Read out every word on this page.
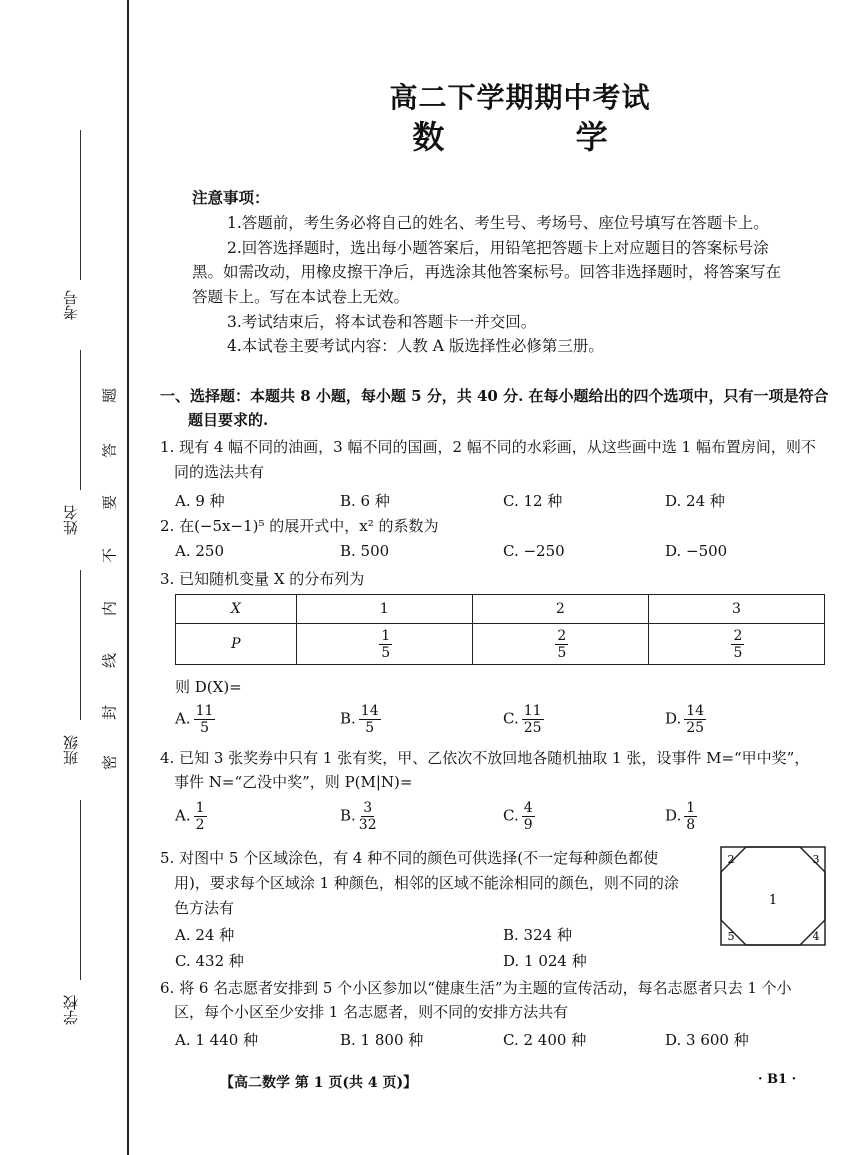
考号
姓名
班级
学校
题
答
要
不
内
线
封
密
高二下学期期中考试
数 学
注意事项：
1.答题前，考生务必将自己的姓名、考生号、考场号、座位号填写在答题卡上。
2.回答选择题时，选出每小题答案后，用铅笔把答题卡上对应题目的答案标号涂
黑。如需改动，用橡皮擦干净后，再选涂其他答案标号。回答非选择题时，将答案写在
答题卡上。写在本试卷上无效。
3.考试结束后，将本试卷和答题卡一并交回。
4.本试卷主要考试内容：人教 A 版选择性必修第三册。
一、选择题：本题共 8 小题，每小题 5 分，共 40 分. 在每小题给出的四个选项中，只有一项是符合
题目要求的.
1. 现有 4 幅不同的油画，3 幅不同的国画，2 幅不同的水彩画，从这些画中选 1 幅布置房间，则不
同的选法共有
A. 9 种	B. 6 种	C. 12 种	D. 24 种
2. 在(−5x−1)⁵ 的展开式中，x² 的系数为
A. 250	B. 500	C. −250	D. −500
3. 已知随机变量 X 的分布列为
X	1	2	3
P	$\frac{1}{5}$	$\frac{2}{5}$	$\frac{2}{5}$
则 D(X)=
A. $\frac{11}{5}$	B. $\frac{14}{5}$	C. $\frac{11}{25}$	D. $\frac{14}{25}$
4. 已知 3 张奖券中只有 1 张有奖，甲、乙依次不放回地各随机抽取 1 张，设事件 M=“甲中奖”，
事件 N=“乙没中奖”，则 P(M|N)=
A. $\frac{1}{2}$	B. $\frac{3}{32}$	C. $\frac{4}{9}$	D. $\frac{1}{8}$
5. 对图中 5 个区域涂色，有 4 种不同的颜色可供选择(不一定每种颜色都使
用)，要求每个区域涂 1 种颜色，相邻的区域不能涂相同的颜色，则不同的涂
色方法有
A. 24 种	B. 324 种
C. 432 种	D. 1 024 种
1
2	3
4
5
6. 将 6 名志愿者安排到 5 个小区参加以“健康生活”为主题的宣传活动，每名志愿者只去 1 个小
区，每个小区至少安排 1 名志愿者，则不同的安排方法共有
A. 1 440 种	B. 1 800 种	C. 2 400 种	D. 3 600 种
【高二数学 第 1 页(共 4 页)】	· B1 ·
